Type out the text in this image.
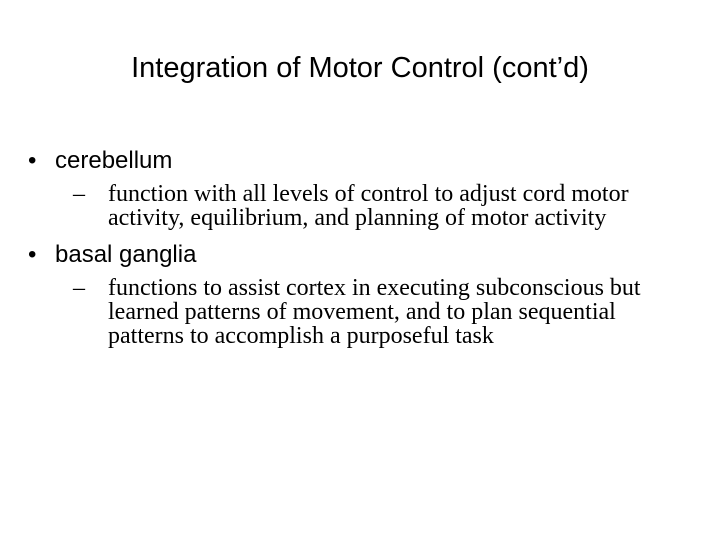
Integration of Motor Control (cont’d)
• cerebellum
– function with all levels of control to adjust cord motor activity, equilibrium, and planning of motor activity
• basal ganglia
– functions to assist cortex in executing subconscious but learned patterns of movement, and to plan sequential patterns to accomplish a purposeful task
